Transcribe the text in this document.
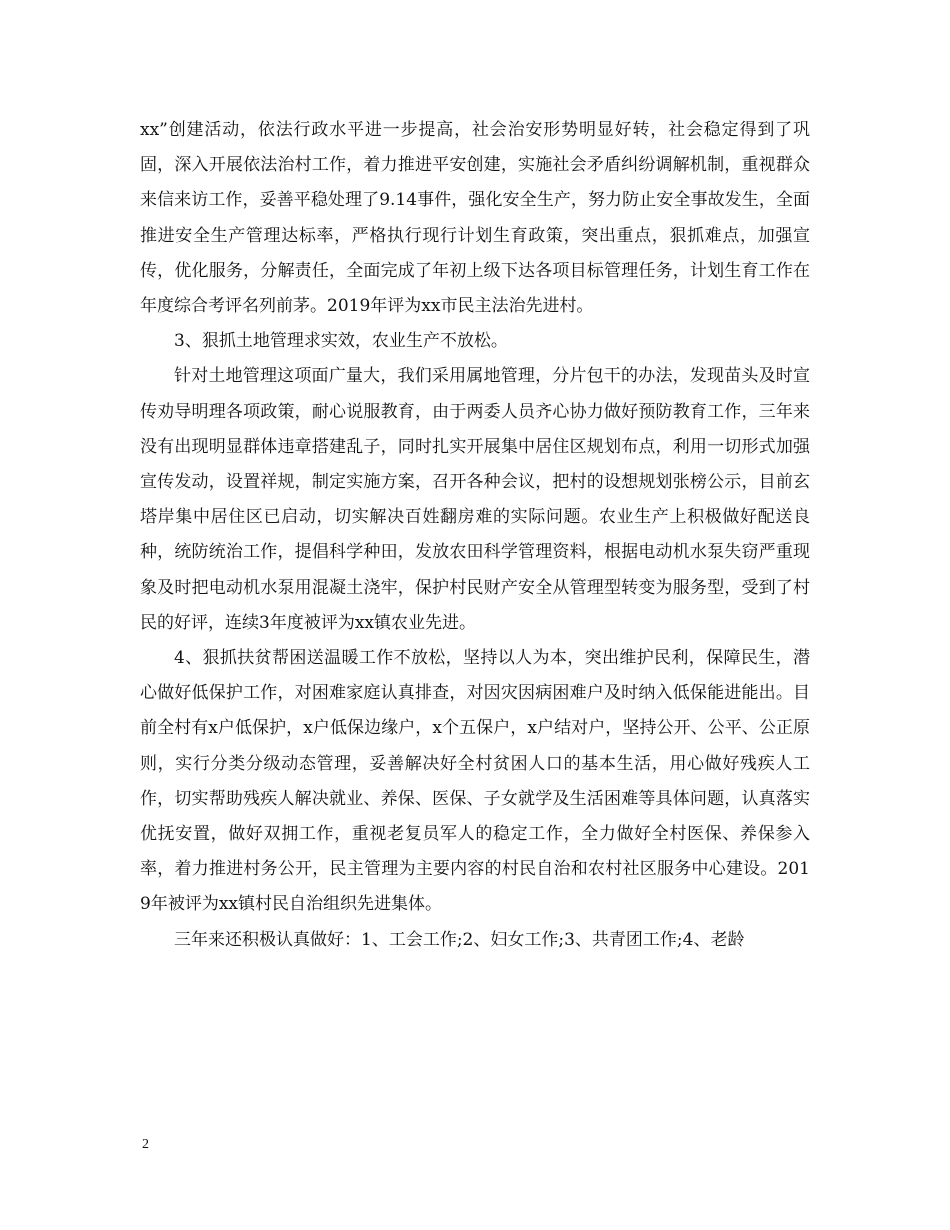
xx”创建活动，依法行政水平进一步提高，社会治安形势明显好转，社会稳定得到了巩固，深入开展依法治村工作，着力推进平安创建，实施社会矛盾纠纷调解机制，重视群众来信来访工作，妥善平稳处理了9.14事件，强化安全生产，努力防止安全事故发生，全面推进安全生产管理达标率，严格执行现行计划生育政策，突出重点，狠抓难点，加强宣传，优化服务，分解责任，全面完成了年初上级下达各项目标管理任务，计划生育工作在年度综合考评名列前茅。2019年评为xx市民主法治先进村。

3、狠抓土地管理求实效，农业生产不放松。

针对土地管理这项面广量大，我们采用属地管理，分片包干的办法，发现苗头及时宣传劝导明理各项政策，耐心说服教育，由于两委人员齐心协力做好预防教育工作，三年来没有出现明显群体违章搭建乱子，同时扎实开展集中居住区规划布点，利用一切形式加强宣传发动，设置祥规，制定实施方案，召开各种会议，把村的设想规划张榜公示，目前玄塔岸集中居住区已启动，切实解决百姓翻房难的实际问题。农业生产上积极做好配送良种，统防统治工作，提倡科学种田，发放农田科学管理资料，根据电动机水泵失窃严重现象及时把电动机水泵用混凝土浇牢，保护村民财产安全从管理型转变为服务型，受到了村民的好评，连续3年度被评为xx镇农业先进。

4、狠抓扶贫帮困送温暖工作不放松，坚持以人为本，突出维护民利，保障民生，潜心做好低保护工作，对困难家庭认真排查，对因灾因病困难户及时纳入低保能进能出。目前全村有x户低保护，x户低保边缘户，x个五保户，x户结对户，坚持公开、公平、公正原则，实行分类分级动态管理，妥善解决好全村贫困人口的基本生活，用心做好残疾人工作，切实帮助残疾人解决就业、养保、医保、子女就学及生活困难等具体问题，认真落实优抚安置，做好双拥工作，重视老复员军人的稳定工作，全力做好全村医保、养保参入率，着力推进村务公开，民主管理为主要内容的村民自治和农村社区服务中心建设。2019年被评为xx镇村民自治组织先进集体。

三年来还积极认真做好：1、工会工作;2、妇女工作;3、共青团工作;4、老龄

2
